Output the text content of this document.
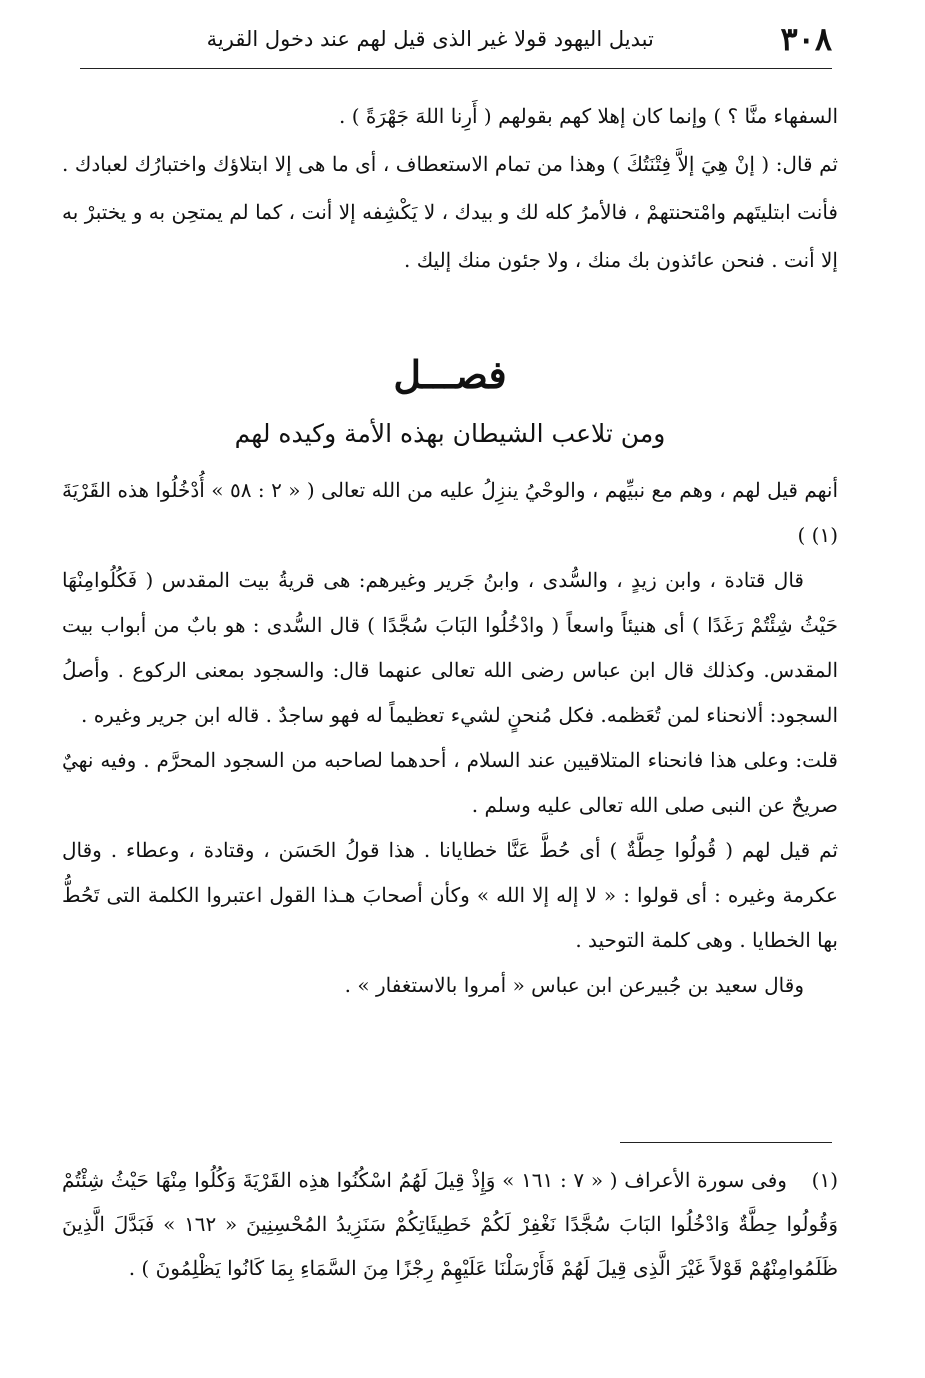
٣٠٨
تبديل اليهود قولا غير الذى قيل لهم عند دخول القرية

السفهاء منَّا ؟ ) وإنما كان إهلا كهم بقولهم ( أَرِنا اللهَ جَهْرَةً ) .

ثم قال: ( إنْ هِيَ إلاَّ فِتْنَتُكَ ) وهذا من تمام الاستعطاف ، أى ما هى إلا ابتلاؤك واختبارُك لعبادك . فأنت ابتليتَهم وامْتحنتهمْ ، فالأمرُ كله لك و بيدك ، لا يَكْشِفه إلا أنت ، كما لم يمتحِن به و يختبرْ به إلا أنت . فنحن عائذون بك منك ، ولا جئون منك إليك .

فصـــل
ومن تلاعب الشيطان بهذه الأمة وكيده لهم

أنهم قيل لهم ، وهم مع نبيِّهم ، والوحْيُ ينزِلُ عليه من الله تعالى ( « ٢ : ٥٨ » أُدْخُلُوا هذه القَرْيَةَ (١) )

قال قتادة ، وابن زيدٍ ، والسُّدى ، وابنُ جَرير وغيرهم: هى قريةُ بيت المقدس ( فَكُلُوامِنْهَا حَيْثُ شِئْتُمْ رَغَدًا ) أى هنيئاً واسعاً ( وادْخُلُوا البَابَ سُجَّدًا ) قال السُّدى : هو بابٌ من أبواب بيت المقدس. وكذلك قال ابن عباس رضى الله تعالى عنهما قال: والسجود بمعنى الركوع . وأصلُ السجود: ألانحناء لمن تُعَظمه. فكل مُنحنٍ لشيء تعظيماً له فهو ساجدٌ . قاله ابن جرير وغيره .

قلت: وعلى هذا فانحناء المتلاقيين عند السلام ، أحدهما لصاحبه من السجود المحرَّم . وفيه نهيٌ صريحٌ عن النبى صلى الله تعالى عليه وسلم .

ثم قيل لهم ( قُولُوا حِطَّةٌ ) أى حُطَّ عَنَّا خطايانا . هذا قولُ الحَسَن ، وقتادة ، وعطاء . وقال عكرمة وغيره : أى قولوا : « لا إله إلا الله » وكأن أصحابَ هـذا القول اعتبروا الكلمة التى تَحُطُّ بها الخطايا . وهى كلمة التوحيد .

وقال سعيد بن جُبيرعن ابن عباس « أمروا بالاستغفار » .

(١) وفى سورة الأعراف ( « ٧ : ١٦١ » وَإِذْ قِيلَ لَهُمُ اسْكُنُوا هذِه القَرْيَةَ وَكُلُوا مِنْهَا حَيْثُ شِئْتُمْ وَقُولُوا حِطَّةٌ وَادْخُلُوا البَابَ سُجَّدًا نَغْفِرْ لَكُمْ خَطِيئَاتِكُمْ سَنَزِيدُ المُحْسِنِينَ « ١٦٢ » فَبَدَّلَ الَّذِينَ ظَلَمُوامِنْهُمْ قَوْلاً غَيْرَ الَّذِى قِيلَ لَهُمْ فَأَرْسَلْنَا عَلَيْهِمْ رِجْزًا مِنَ السَّمَاءِ بِمَا كَانُوا يَظْلِمُونَ ) .
